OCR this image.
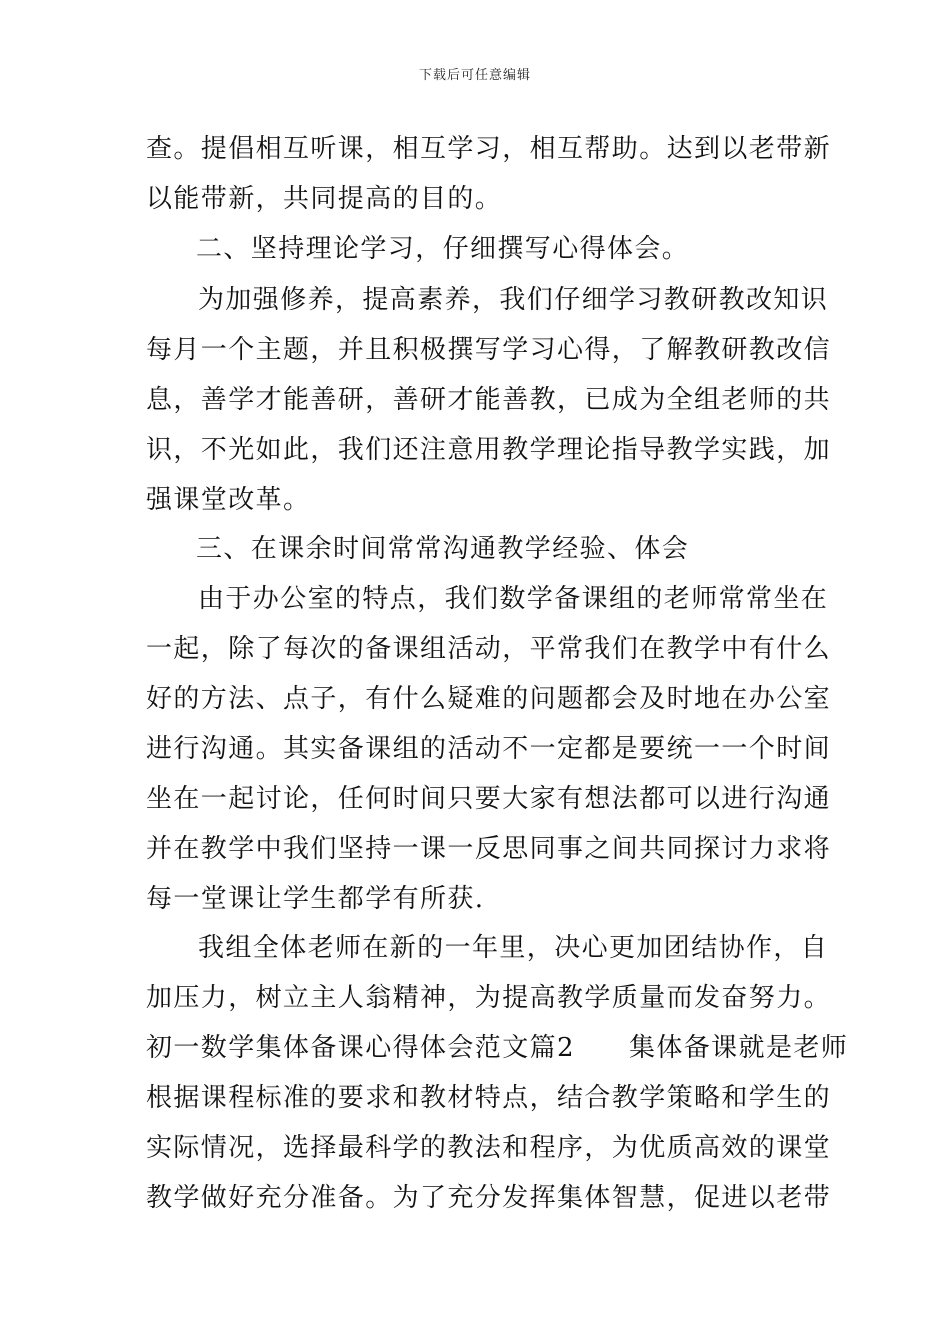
下载后可任意编辑
查。提倡相互听课，相互学习，相互帮助。达到以老带新
以能带新，共同提高的目的。
二、坚持理论学习，仔细撰写心得体会。
为加强修养，提高素养，我们仔细学习教研教改知识
每月一个主题，并且积极撰写学习心得，了解教研教改信
息，善学才能善研，善研才能善教，已成为全组老师的共
识，不光如此，我们还注意用教学理论指导教学实践，加
强课堂改革。
三、在课余时间常常沟通教学经验、体会
由于办公室的特点，我们数学备课组的老师常常坐在
一起，除了每次的备课组活动，平常我们在教学中有什么
好的方法、点子，有什么疑难的问题都会及时地在办公室
进行沟通。其实备课组的活动不一定都是要统一一个时间
坐在一起讨论，任何时间只要大家有想法都可以进行沟通
并在教学中我们坚持一课一反思同事之间共同探讨力求将
每一堂课让学生都学有所获.
我组全体老师在新的一年里，决心更加团结协作，自
加压力，树立主人翁精神，为提高教学质量而发奋努力。
初一数学集体备课心得体会范文篇2 集体备课就是老师
根据课程标准的要求和教材特点，结合教学策略和学生的
实际情况，选择最科学的教法和程序，为优质高效的课堂
教学做好充分准备。为了充分发挥集体智慧，促进以老带
